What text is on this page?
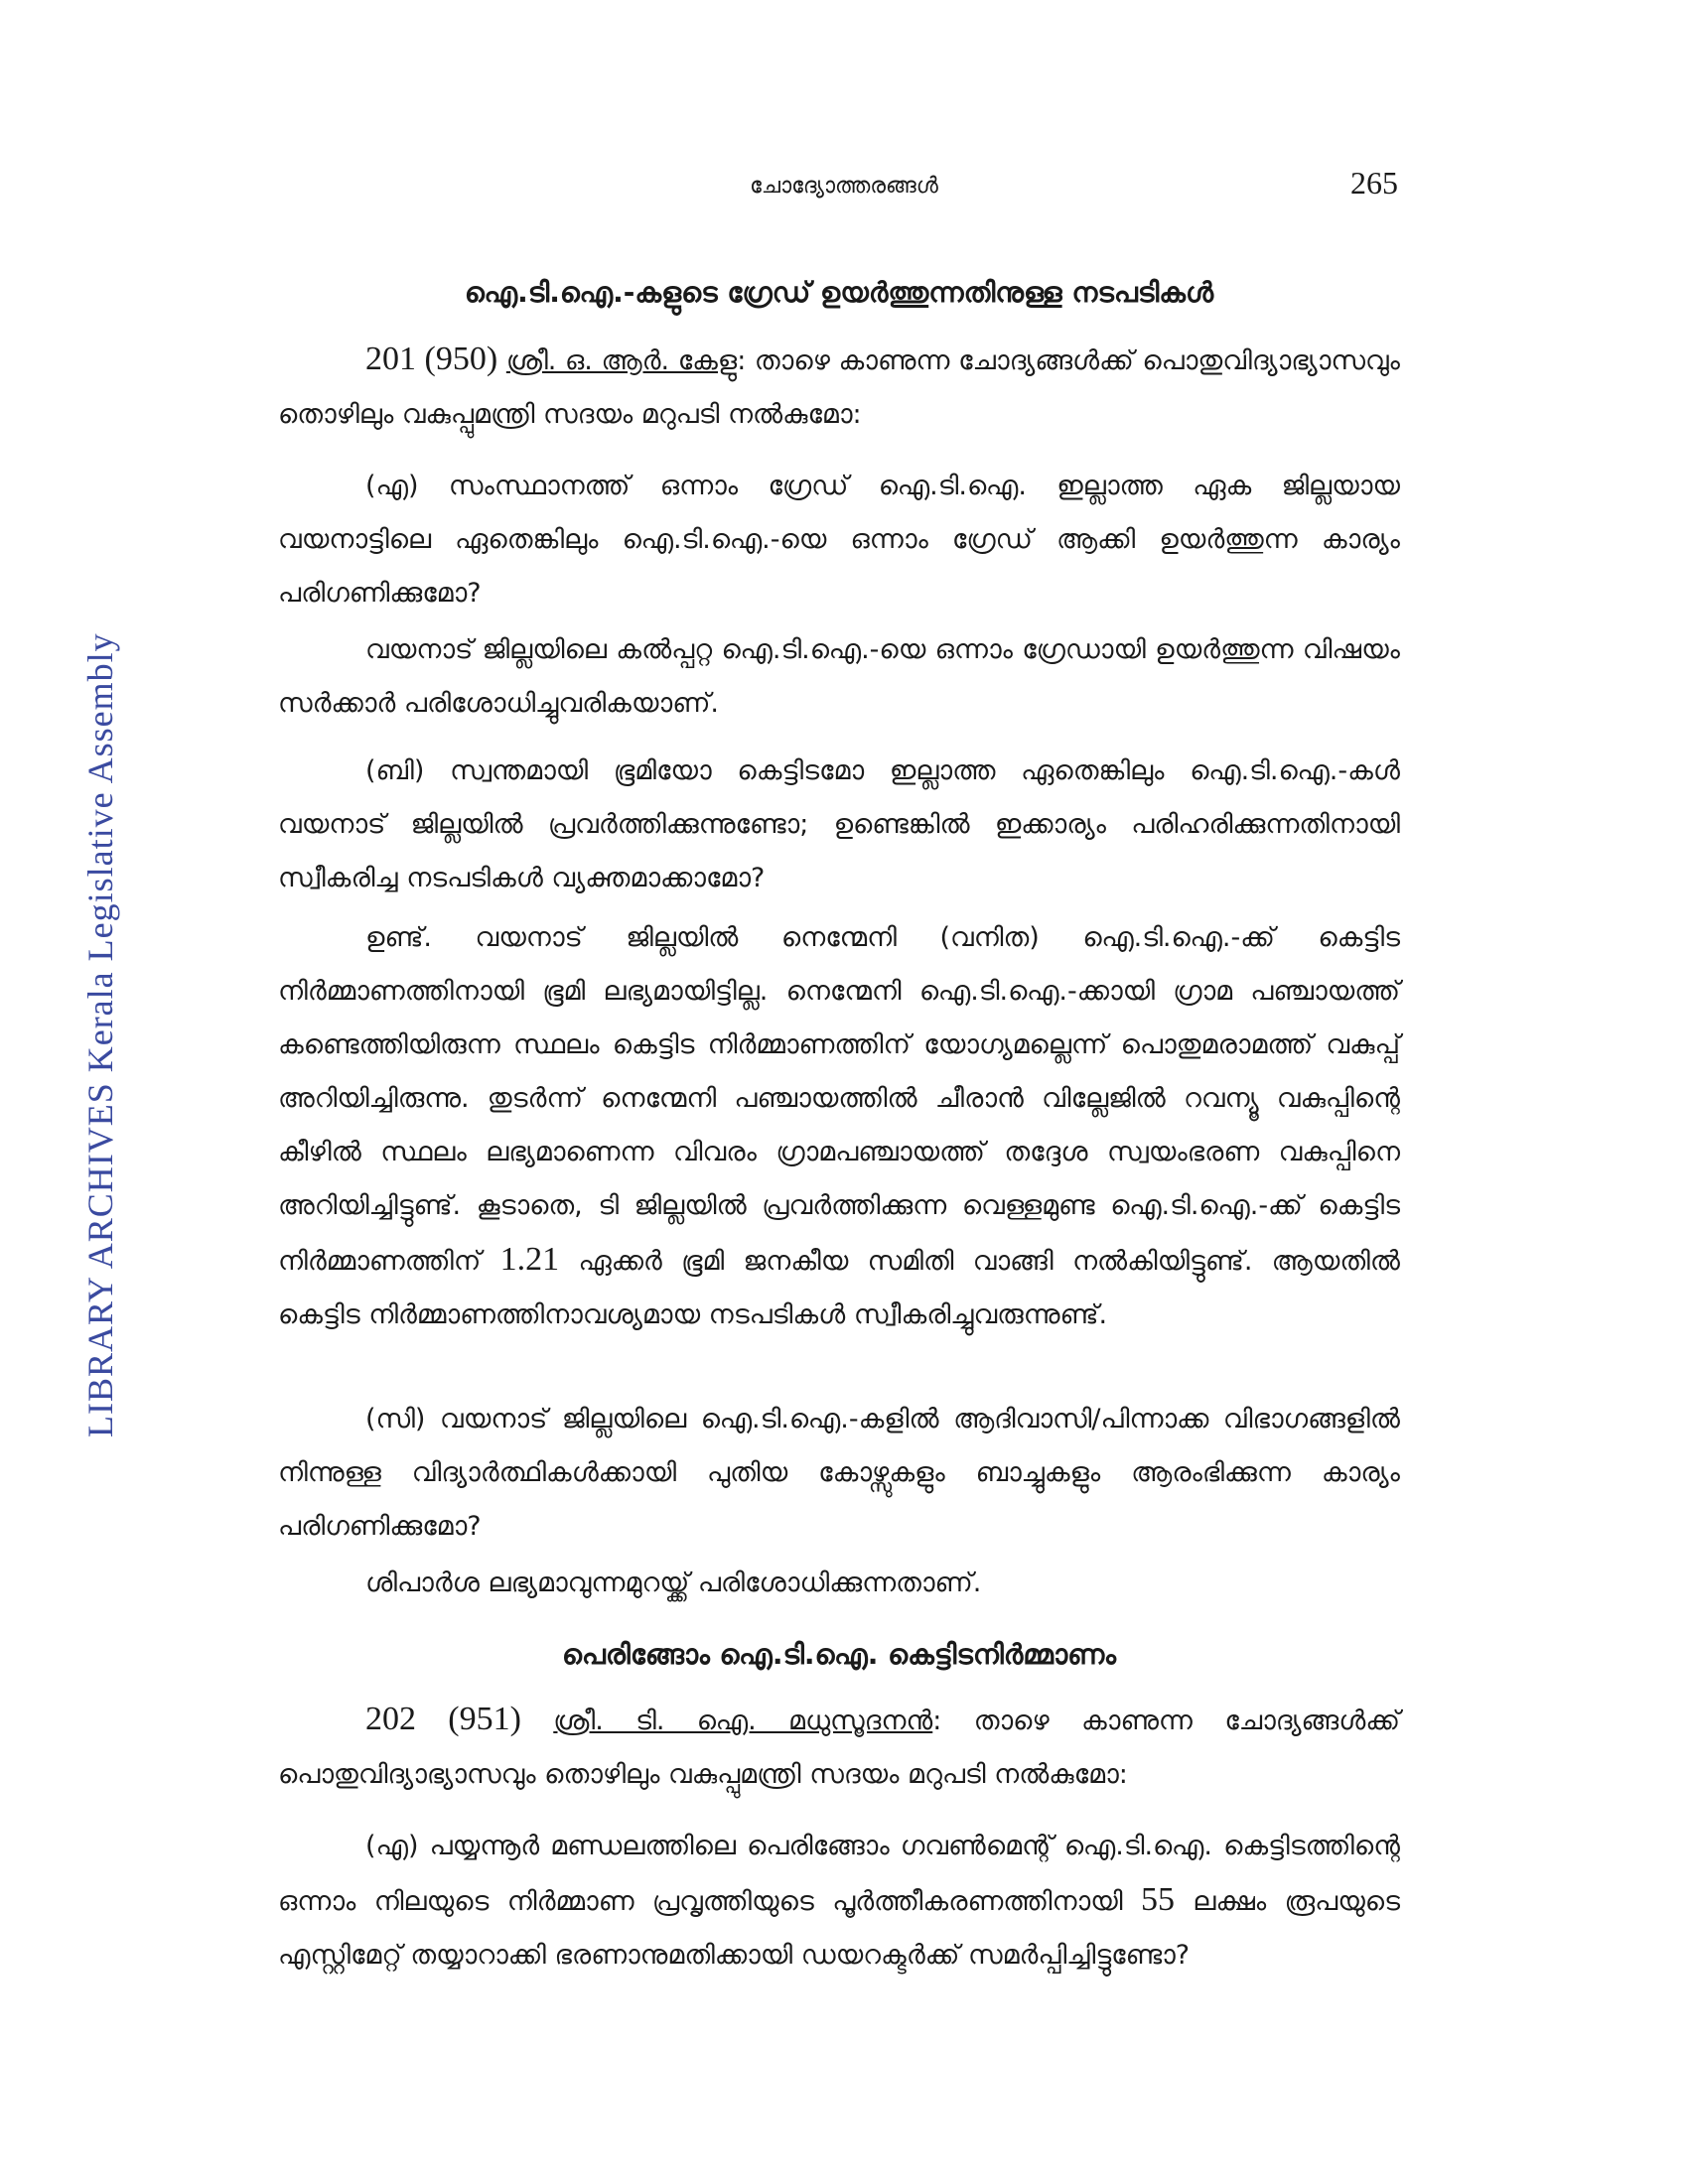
LIBRARY ARCHIVES Kerala Legislative Assembly
ചോദ്യോത്തരങ്ങൾ	265
ഐ.ടി.ഐ.-കളുടെ ഗ്രേഡ് ഉയർത്തുന്നതിനുള്ള നടപടികൾ
201 (950) ശ്രീ. ഒ. ആർ. കേളു: താഴെ കാണുന്ന ചോദ്യങ്ങൾക്ക് പൊതുവിദ്യാഭ്യാസവും തൊഴിലും വകുപ്പുമന്ത്രി സദയം മറുപടി നൽകുമോ:
(എ) സംസ്ഥാനത്ത് ഒന്നാം ഗ്രേഡ് ഐ.ടി.ഐ. ഇല്ലാത്ത ഏക ജില്ലയായ വയനാട്ടിലെ ഏതെങ്കിലും ഐ.ടി.ഐ.-യെ ഒന്നാം ഗ്രേഡ് ആക്കി ഉയർത്തുന്ന കാര്യം പരിഗണിക്കുമോ?
വയനാട് ജില്ലയിലെ കൽപ്പറ്റ ഐ.ടി.ഐ.-യെ ഒന്നാം ഗ്രേഡായി ഉയർത്തുന്ന വിഷയം സർക്കാർ പരിശോധിച്ചുവരികയാണ്.
(ബി) സ്വന്തമായി ഭൂമിയോ കെട്ടിടമോ ഇല്ലാത്ത ഏതെങ്കിലും ഐ.ടി.ഐ.-കൾ വയനാട് ജില്ലയിൽ പ്രവർത്തിക്കുന്നുണ്ടോ; ഉണ്ടെങ്കിൽ ഇക്കാര്യം പരിഹരിക്കുന്നതിനായി സ്വീകരിച്ച നടപടികൾ വ്യക്തമാക്കാമോ?
ഉണ്ട്. വയനാട് ജില്ലയിൽ നെന്മേനി (വനിത) ഐ.ടി.ഐ.-ക്ക് കെട്ടിട നിർമ്മാണത്തിനായി ഭൂമി ലഭ്യമായിട്ടില്ല. നെന്മേനി ഐ.ടി.ഐ.-ക്കായി ഗ്രാമ പഞ്ചായത്ത് കണ്ടെത്തിയിരുന്ന സ്ഥലം കെട്ടിട നിർമ്മാണത്തിന് യോഗ്യമല്ലെന്ന് പൊതുമരാമത്ത് വകുപ്പ് അറിയിച്ചിരുന്നു. തുടർന്ന് നെന്മേനി പഞ്ചായത്തിൽ ചീരാൻ വില്ലേജിൽ റവന്യൂ വകുപ്പിന്റെ കീഴിൽ സ്ഥലം ലഭ്യമാണെന്ന വിവരം ഗ്രാമപഞ്ചായത്ത് തദ്ദേശ സ്വയംഭരണ വകുപ്പിനെ അറിയിച്ചിട്ടുണ്ട്. കൂടാതെ, ടി ജില്ലയിൽ പ്രവർത്തിക്കുന്ന വെള്ളമുണ്ട ഐ.ടി.ഐ.-ക്ക് കെട്ടിട നിർമ്മാണത്തിന് 1.21 ഏക്കർ ഭൂമി ജനകീയ സമിതി വാങ്ങി നൽകിയിട്ടുണ്ട്. ആയതിൽ കെട്ടിട നിർമ്മാണത്തിനാവശ്യമായ നടപടികൾ സ്വീകരിച്ചുവരുന്നുണ്ട്.
(സി) വയനാട് ജില്ലയിലെ ഐ.ടി.ഐ.-കളിൽ ആദിവാസി/പിന്നാക്ക വിഭാഗങ്ങളിൽ നിന്നുള്ള വിദ്യാർത്ഥികൾക്കായി പുതിയ കോഴ്സുകളും ബാച്ചുകളും ആരംഭിക്കുന്ന കാര്യം പരിഗണിക്കുമോ?
ശിപാർശ ലഭ്യമാവുന്നമുറയ്ക്ക് പരിശോധിക്കുന്നതാണ്.
പെരിങ്ങോം ഐ.ടി.ഐ. കെട്ടിടനിർമ്മാണം
202 (951) ശ്രീ. ടി. ഐ. മധുസൂദനൻ: താഴെ കാണുന്ന ചോദ്യങ്ങൾക്ക് പൊതുവിദ്യാഭ്യാസവും തൊഴിലും വകുപ്പുമന്ത്രി സദയം മറുപടി നൽകുമോ:
(എ) പയ്യന്നൂർ മണ്ഡലത്തിലെ പെരിങ്ങോം ഗവൺമെന്റ് ഐ.ടി.ഐ. കെട്ടിടത്തിന്റെ ഒന്നാം നിലയുടെ നിർമ്മാണ പ്രവൃത്തിയുടെ പൂർത്തീകരണത്തിനായി 55 ലക്ഷം രൂപയുടെ എസ്റ്റിമേറ്റ് തയ്യാറാക്കി ഭരണാനുമതിക്കായി ഡയറക്ടർക്ക് സമർപ്പിച്ചിട്ടുണ്ടോ?
